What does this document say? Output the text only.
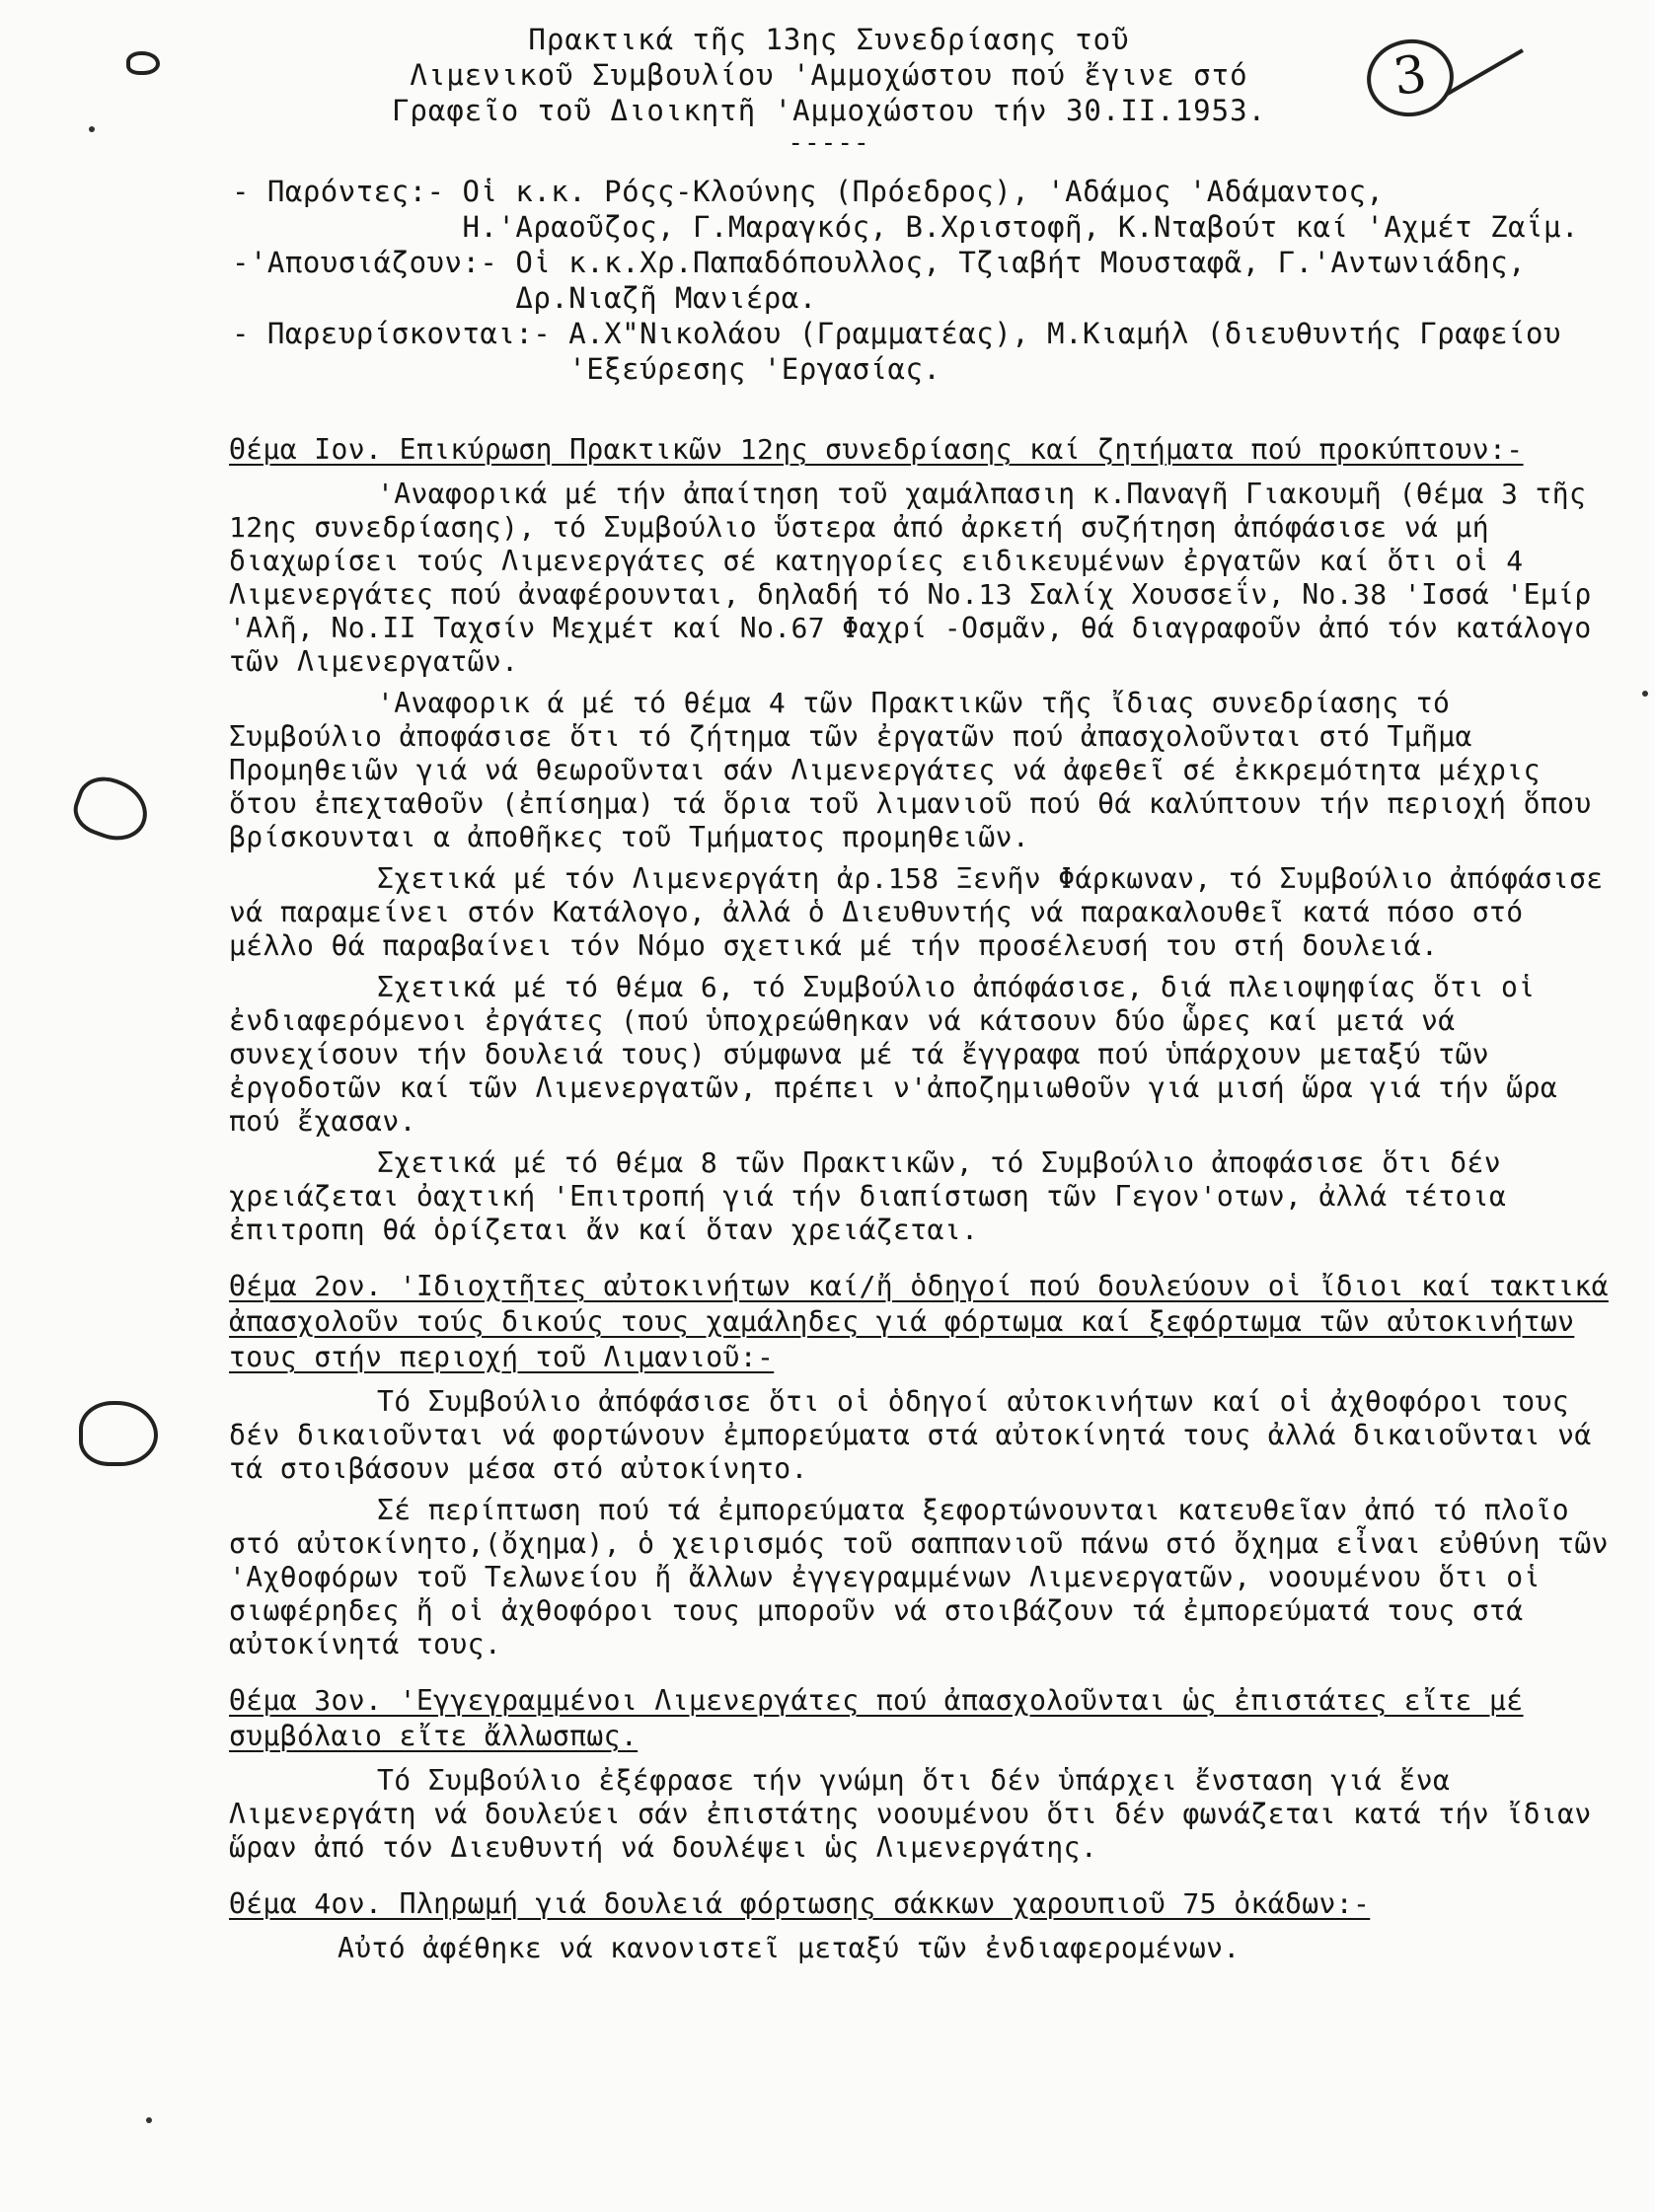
Πρακτικά τῆς 13ης Συνεδρίασης τοῦ
Λιμενικοῦ Συμβουλίου 'Αμμοχώστου πού ἔγινε στό
Γραφεῖο τοῦ Διοικητῆ 'Αμμοχώστου τήν 30.ΙΙ.1953.
-----
3
- Παρόντες:- Οἱ κ.κ. Ρόςς-Κλούνης (Πρόεδρος), 'Αδάμος 'Αδάμαντος, Η.'Αραοῦζος, Γ.Μαραγκός, Β.Χριστοφῆ, Κ.Νταβούτ καί 'Αχμέτ Ζαΐμ.
-'Απουσιάζουν:- Οἱ κ.κ.Χρ.Παπαδόπουλλος, Τζιαβήτ Μουσταφᾶ, Γ.'Αντωνιάδης, Δρ.Νιαζῆ Μανιέρα.
- Παρευρίσκονται:- Α.Χ"Νικολάου (Γραμματέας), Μ.Κιαμήλ (διευθυντής Γραφείου 'Εξεύρεσης 'Εργασίας.
Θέμα Ιον. Επικύρωση Πρακτικῶν 12ης συνεδρίασης καί ζητήματα πού προκύπτουν:-
'Αναφορικά μέ τήν ἀπαίτηση τοῦ χαμάλπασιη κ.Παναγῆ Γιακουμῆ (θέμα 3 τῆς 12ης συνεδρίασης), τό Συμβούλιο ὕστερα ἀπό ἀρκετή συζήτηση ἀπόφάσισε νά μή διαχωρίσει τούς Λιμενεργάτες σέ κατηγορίες ειδικευμένων ἐργατῶν καί ὅτι οἱ 4 Λιμενεργάτες πού ἀναφέρουνται, δηλαδή τό Νο.13 Σαλίχ Χουσσεΐν, Νο.38 'Ισσά 'Εμίρ 'Αλῆ, Νο.ΙΙ Ταχσίν Μεχμέτ καί Νο.67 Φαχρί -Οσμᾶν, θά διαγραφοῦν ἀπό τόν κατάλογο τῶν Λιμενεργατῶν.
'Αναφορικ ά μέ τό θέμα 4 τῶν Πρακτικῶν τῆς ἴδιας συνεδρίασης τό Συμβούλιο ἀποφάσισε ὅτι τό ζήτημα τῶν ἐργατῶν πού ἀπασχολοῦνται στό Τμῆμα Προμηθειῶν γιά νά θεωροῦνται σάν Λιμενεργάτες νά ἀφεθεῖ σέ ἐκκρεμότητα μέχρις ὅτου ἐπεχταθοῦν (ἐπίσημα) τά ὅρια τοῦ λιμανιοῦ πού θά καλύπτουν τήν περιοχή ὅπου βρίσκουνται α ἀποθῆκες τοῦ Τμήματος προμηθειῶν.
Σχετικά μέ τόν Λιμενεργάτη ἀρ.158 Ξενῆν Φάρκωναν, τό Συμβούλιο ἀπόφάσισε νά παραμείνει στόν Κατάλογο, ἀλλά ὁ Διευθυντής νά παρακαλουθεῖ κατά πόσο στό μέλλο θά παραβαίνει τόν Νόμο σχετικά μέ τήν προσέλευσή του στή δουλειά.
Σχετικά μέ τό θέμα 6, τό Συμβούλιο ἀπόφάσισε, διά πλειοψηφίας ὅτι οἱ ἐνδιαφερόμενοι ἐργάτες (πού ὑποχρεώθηκαν νά κάτσουν δύο ὧρες καί μετά νά συνεχίσουν τήν δουλειά τους) σύμφωνα μέ τά ἔγγραφα πού ὑπάρχουν μεταξύ τῶν ἐργοδοτῶν καί τῶν Λιμενεργατῶν, πρέπει ν'ἀποζημιωθοῦν γιά μισή ὥρα γιά τήν ὥρα πού ἔχασαν.
Σχετικά μέ τό θέμα 8 τῶν Πρακτικῶν, τό Συμβούλιο ἀποφάσισε ὅτι δέν χρειάζεται ὀαχτική 'Επιτροπή γιά τήν διαπίστωση τῶν Γεγον'οτων, ἀλλά τέτοια ἐπιτροπη θά ὁρίζεται ἄν καί ὅταν χρειάζεται.
Θέμα 2ον. 'Ιδιοχτῆτες αὐτοκινήτων καί/ἤ ὁδηγοί πού δουλεύουν οἱ ἴδιοι καί τακτικά ἀπασχολοῦν τούς δικούς τους χαμάληδες γιά φόρτωμα καί ξεφόρτωμα τῶν αὐτοκινήτων τους στήν περιοχή τοῦ Λιμανιοῦ:-
Τό Συμβούλιο ἀπόφάσισε ὅτι οἱ ὁδηγοί αὐτοκινήτων καί οἱ ἀχθοφόροι τους δέν δικαιοῦνται νά φορτώνουν ἐμπορεύματα στά αὐτοκίνητά τους ἀλλά δικαιοῦνται νά τά στοιβάσουν μέσα στό αὐτοκίνητο.
Σέ περίπτωση πού τά ἐμπορεύματα ξεφορτώνουνται κατευθεῖαν ἀπό τό πλοῖο στό αὐτοκίνητο,(ὄχημα), ὁ χειρισμός τοῦ σαππανιοῦ πάνω στό ὄχημα εἶναι εὐθύνη τῶν 'Αχθοφόρων τοῦ Τελωνείου ἤ ἄλλων ἐγγεγραμμένων Λιμενεργατῶν, νοουμένου ὅτι οἱ σιωφέρηδες ἤ οἱ ἀχθοφόροι τους μποροῦν νά στοιβάζουν τά ἐμπορεύματά τους στά αὐτοκίνητά τους.
Θέμα 3ον. 'Εγγεγραμμένοι Λιμενεργάτες πού ἀπασχολοῦνται ὡς ἐπιστάτες εἴτε μέ συμβόλαιο εἴτε ἄλλωσπως.
Τό Συμβούλιο ἐξέφρασε τήν γνώμη ὅτι δέν ὑπάρχει ἔνσταση γιά ἕνα Λιμενεργάτη νά δουλεύει σάν ἐπιστάτης νοουμένου ὅτι δέν φωνάζεται κατά τήν ἴδιαν ὥραν ἀπό τόν Διευθυντή νά δουλέψει ὡς Λιμενεργάτης.
Θέμα 4ον. Πληρωμή γιά δουλειά φόρτωσης σάκκων χαρουπιοῦ 75 ὀκάδων:-
Αὐτό ἀφέθηκε νά κανονιστεῖ μεταξύ τῶν ἐνδιαφερομένων.
